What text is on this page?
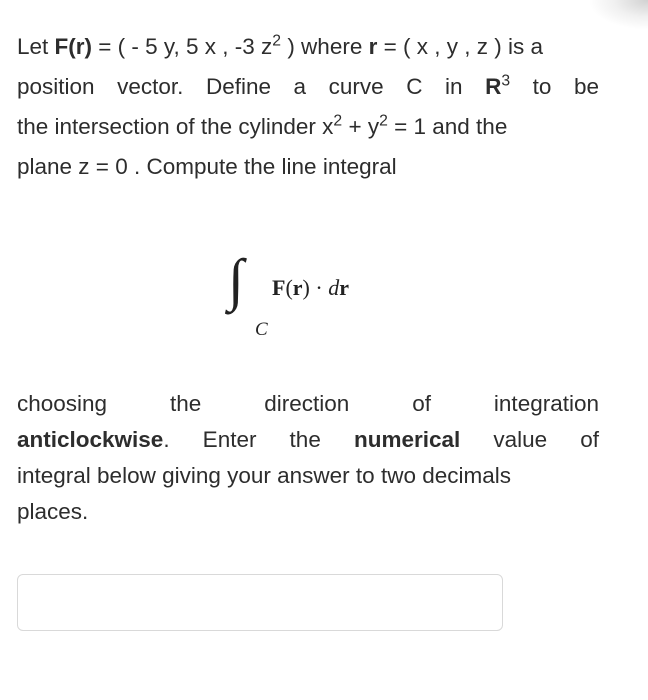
Let F(r) = ( - 5 y, 5 x , -3 $z^2$ ) where r = ( x , y , z ) is a
position vector. Define a curve C in $R^3$ to be
the intersection of the cylinder $x^2 + y^2 = 1$ and the
plane z = 0 . Compute the line integral
∫
C
F(r) · dr
choosing the direction of integration
anticlockwise. Enter the numerical value of
integral below giving your answer to two decimals
places.
